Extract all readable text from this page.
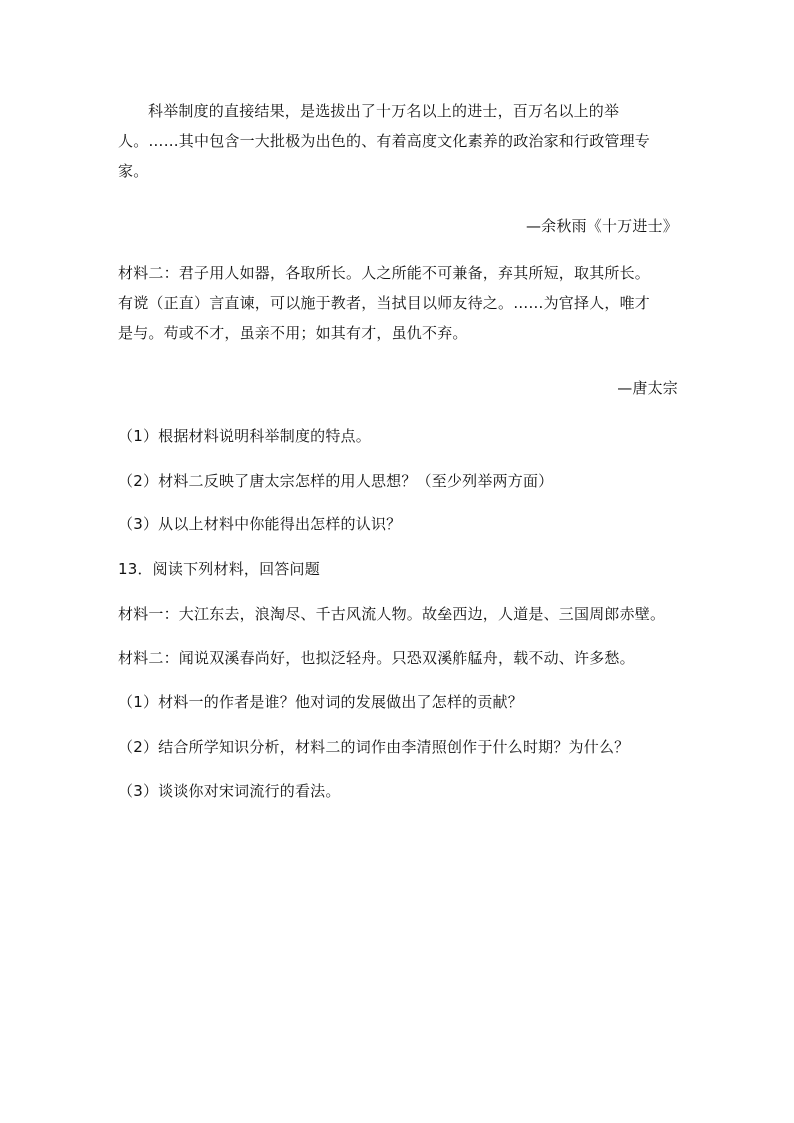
科举制度的直接结果，是选拔出了十万名以上的进士，百万名以上的举
人。……其中包含一大批极为出色的、有着高度文化素养的政治家和行政管理专
家。
—余秋雨《十万进士》
材料二：君子用人如器，各取所长。人之所能不可兼备，弃其所短，取其所长。
有谠（正直）言直谏，可以施于教者，当拭目以师友待之。……为官择人，唯才
是与。苟或不才，虽亲不用；如其有才，虽仇不弃。
—唐太宗
（1）根据材料说明科举制度的特点。
（2）材料二反映了唐太宗怎样的用人思想？（至少列举两方面）
（3）从以上材料中你能得出怎样的认识？
13．阅读下列材料，回答问题
材料一：大江东去，浪淘尽、千古风流人物。故垒西边，人道是、三国周郎赤壁。
材料二：闻说双溪春尚好，也拟泛轻舟。只恐双溪舴艋舟，载不动、许多愁。
（1）材料一的作者是谁？他对词的发展做出了怎样的贡献？
（2）结合所学知识分析，材料二的词作由李清照创作于什么时期？为什么？
（3）谈谈你对宋词流行的看法。
